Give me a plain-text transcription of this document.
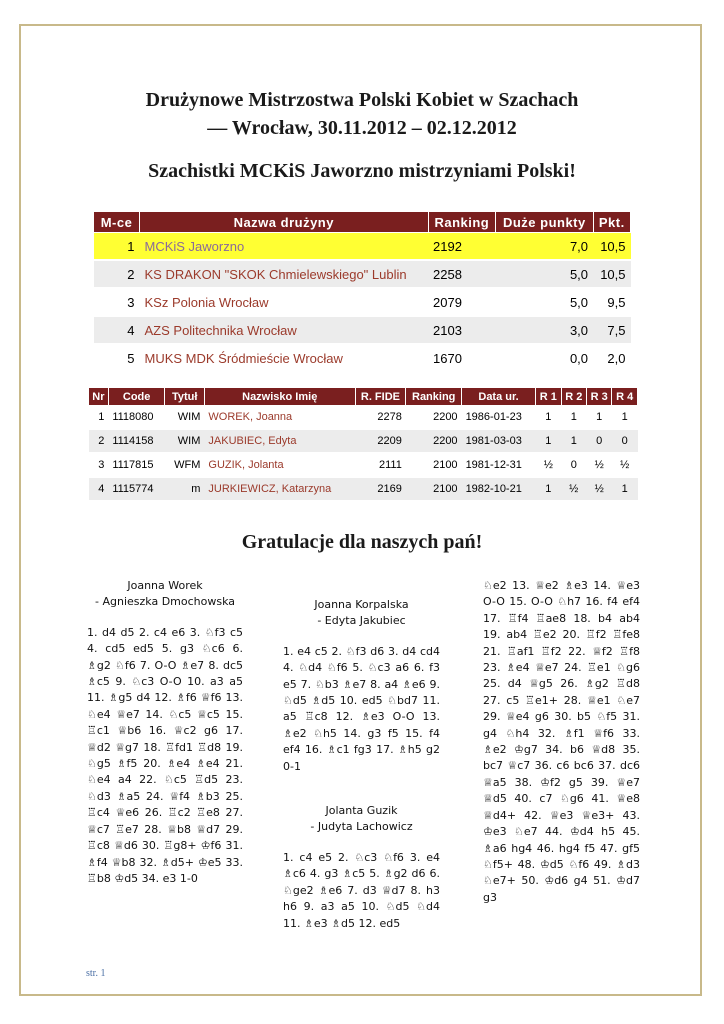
Drużynowe Mistrzostwa Polski Kobiet w Szachach
— Wrocław, 30.11.2012 – 02.12.2012
Szachistki MCKiS Jaworzno mistrzyniami Polski!
M-ce	Nazwa drużyny	Ranking	Duże punkty	Pkt.
1	MCKiS Jaworzno	2192	7,0	10,5
2	KS DRAKON "SKOK Chmielewskiego" Lublin	2258	5,0	10,5
3	KSz Polonia Wrocław	2079	5,0	9,5
4	AZS Politechnika Wrocław	2103	3,0	7,5
5	MUKS MDK Śródmieście Wrocław	1670	0,0	2,0
Nr	Code	Tytuł	Nazwisko Imię	R. FIDE	Ranking	Data ur.	R 1	R 2	R 3	R 4
1	1118080	WIM	WOREK, Joanna	2278	2200	1986-01-23	1	1	1	1
2	1114158	WIM	JAKUBIEC, Edyta	2209	2200	1981-03-03	1	1	0	0
3	1117815	WFM	GUZIK, Jolanta	2111	2100	1981-12-31	½	0	½	½
4	1115774	m	JURKIEWICZ, Katarzyna	2169	2100	1982-10-21	1	½	½	1
Gratulacje dla naszych pań!
Joanna Worek
- Agnieszka Dmochowska
1. d4 d5 2. c4 e6 3. ♘f3 c5 4. cd5 ed5 5. g3 ♘c6 6. ♗g2 ♘f6 7. O-O ♗e7 8. dc5 ♗c5 9. ♘c3 O-O 10. a3 a5 11. ♗g5 d4 12. ♗f6 ♕f6 13. ♘e4 ♕e7 14. ♘c5 ♕c5 15. ♖c1 ♕b6 16. ♕c2 g6 17. ♕d2 ♕g7 18. ♖fd1 ♖d8 19. ♘g5 ♗f5 20. ♗e4 ♗e4 21. ♘e4 a4 22. ♘c5 ♖d5 23. ♘d3 ♗a5 24. ♕f4 ♗b3 25. ♖c4 ♕e6 26. ♖c2 ♖e8 27. ♕c7 ♖e7 28. ♕b8 ♕d7 29. ♖c8 ♕d6 30. ♖g8+ ♔f6 31. ♗f4 ♕b8 32. ♗d5+ ♔e5 33. ♖b8 ♔d5 34. e3 1-0
Joanna Korpalska
- Edyta Jakubiec
1. e4 c5 2. ♘f3 d6 3. d4 cd4 4. ♘d4 ♘f6 5. ♘c3 a6 6. f3 e5 7. ♘b3 ♗e7 8. a4 ♗e6 9. ♘d5 ♗d5 10. ed5 ♘bd7 11. a5 ♖c8 12. ♗e3 O-O 13. ♗e2 ♘h5 14. g3 f5 15. f4 ef4 16. ♗c1 fg3 17. ♗h5 g2 0-1
Jolanta Guzik
- Judyta Lachowicz
1. c4 e5 2. ♘c3 ♘f6 3. e4 ♗c6 4. g3 ♗c5 5. ♗g2 d6 6. ♘ge2 ♗e6 7. d3 ♕d7 8. h3 h6 9. a3 a5 10. ♘d5 ♘d4 11. ♗e3 ♗d5 12. ed5
♘e2 13. ♕e2 ♗e3 14. ♕e3 O-O 15. O-O ♘h7 16. f4 ef4 17. ♖f4 ♖ae8 18. b4 ab4 19. ab4 ♖e2 20. ♖f2 ♖fe8 21. ♖af1 ♖f2 22. ♕f2 ♖f8 23. ♗e4 ♕e7 24. ♖e1 ♘g6 25. d4 ♕g5 26. ♗g2 ♖d8 27. c5 ♖e1+ 28. ♕e1 ♘e7 29. ♕e4 g6 30. b5 ♘f5 31. g4 ♘h4 32. ♗f1 ♕f6 33. ♗e2 ♔g7 34. b6 ♕d8 35. bc7 ♕c7 36. c6 bc6 37. dc6 ♕a5 38. ♔f2 g5 39. ♕e7 ♕d5 40. c7 ♘g6 41. ♕e8 ♕d4+ 42. ♕e3 ♕e3+ 43. ♔e3 ♘e7 44. ♔d4 h5 45. ♗a6 hg4 46. hg4 f5 47. gf5 ♘f5+ 48. ♔d5 ♘f6 49. ♗d3 ♘e7+ 50. ♔d6 g4 51. ♔d7 g3
str. 1
